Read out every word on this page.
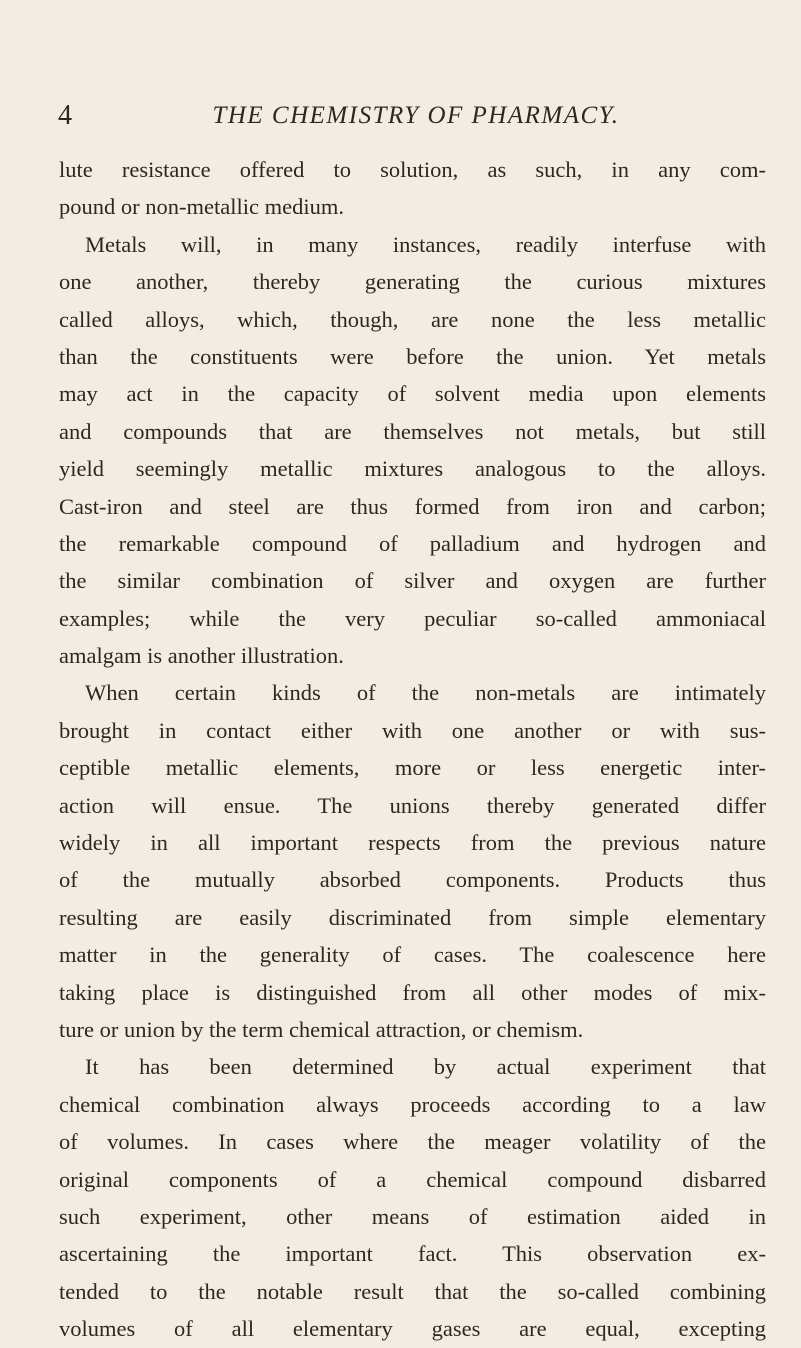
4	THE CHEMISTRY OF PHARMACY.
lute resistance offered to solution, as such, in any com-
pound or non-metallic medium.
Metals will, in many instances, readily interfuse with
one another, thereby generating the curious mixtures
called alloys, which, though, are none the less metallic
than the constituents were before the union. Yet metals
may act in the capacity of solvent media upon elements
and compounds that are themselves not metals, but still
yield seemingly metallic mixtures analogous to the alloys.
Cast-iron and steel are thus formed from iron and carbon;
the remarkable compound of palladium and hydrogen and
the similar combination of silver and oxygen are further
examples; while the very peculiar so-called ammoniacal
amalgam is another illustration.
When certain kinds of the non-metals are intimately
brought in contact either with one another or with sus-
ceptible metallic elements, more or less energetic inter-
action will ensue. The unions thereby generated differ
widely in all important respects from the previous nature
of the mutually absorbed components. Products thus
resulting are easily discriminated from simple elementary
matter in the generality of cases. The coalescence here
taking place is distinguished from all other modes of mix-
ture or union by the term chemical attraction, or chemism.
It has been determined by actual experiment that
chemical combination always proceeds according to a law
of volumes. In cases where the meager volatility of the
original components of a chemical compound disbarred
such experiment, other means of estimation aided in
ascertaining the important fact. This observation ex-
tended to the notable result that the so-called combining
volumes of all elementary gases are equal, excepting
